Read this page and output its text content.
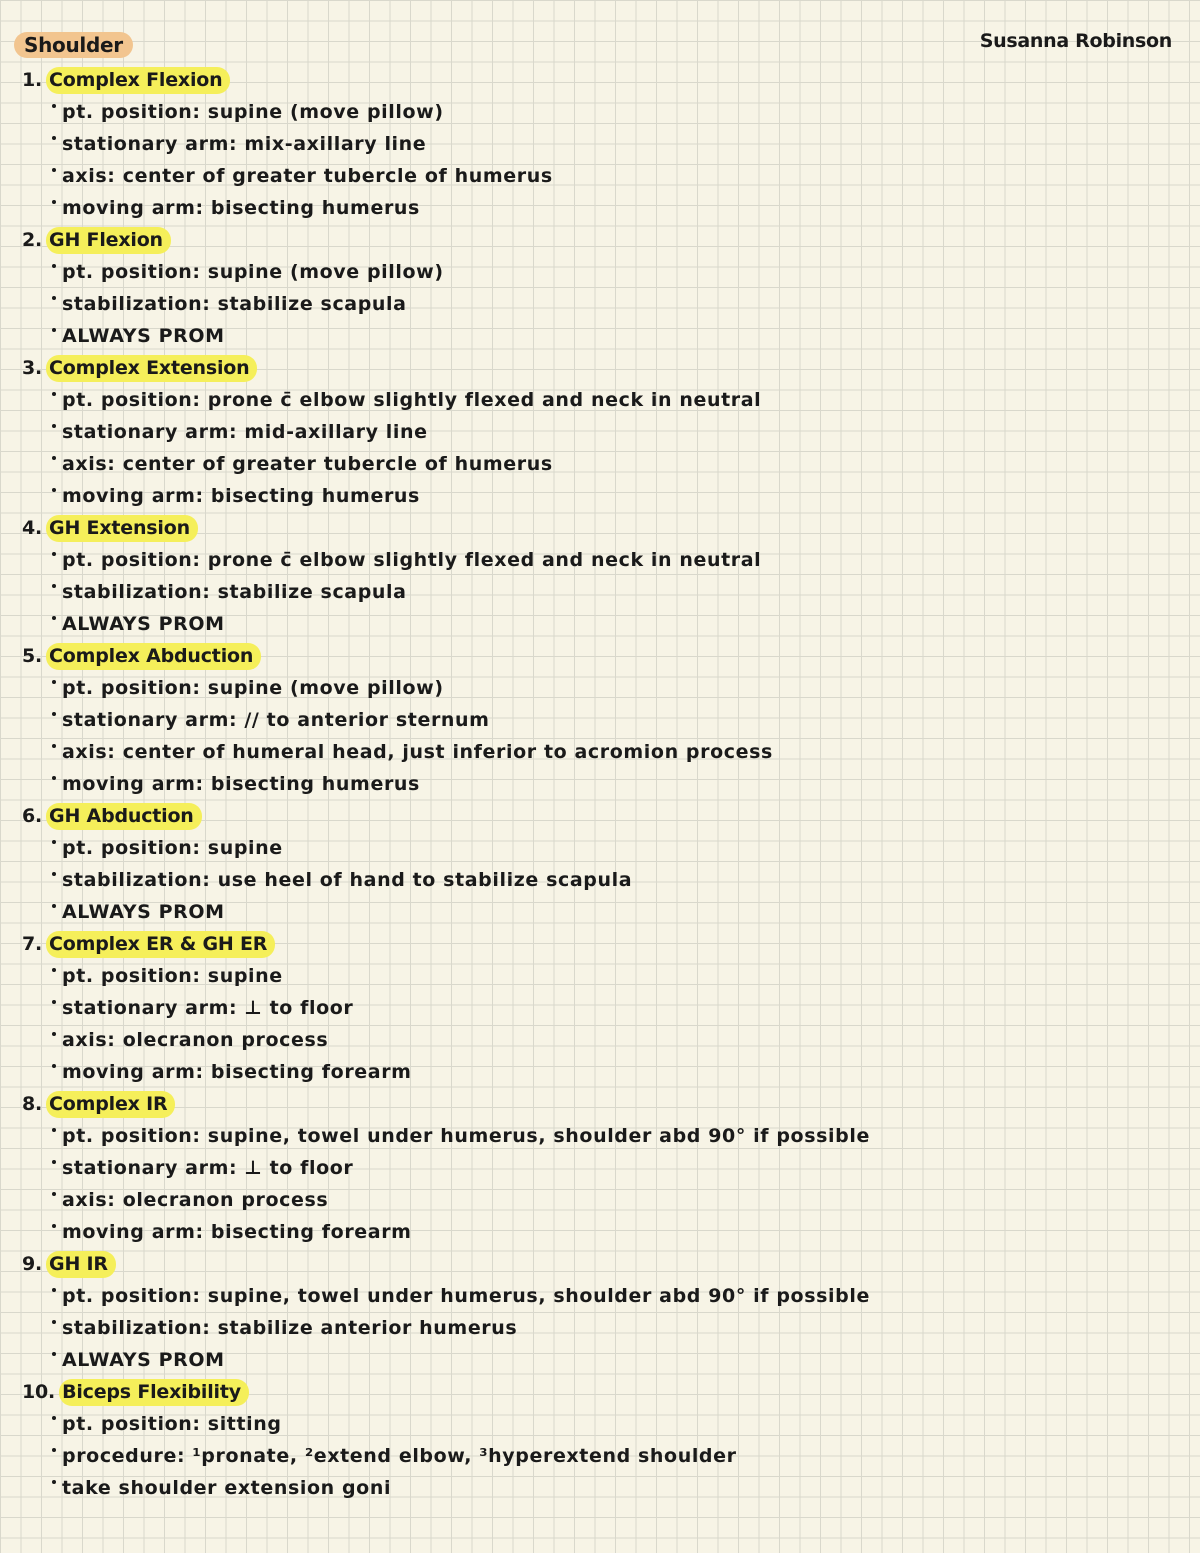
Shoulder	Susanna Robinson
1. Complex Flexion
pt. position: supine (move pillow)
stationary arm: mix-axillary line
axis: center of greater tubercle of humerus
moving arm: bisecting humerus
2. GH Flexion
pt. position: supine (move pillow)
stabilization: stabilize scapula
ALWAYS PROM
3. Complex Extension
pt. position: prone c̄ elbow slightly flexed and neck in neutral
stationary arm: mid-axillary line
axis: center of greater tubercle of humerus
moving arm: bisecting humerus
4. GH Extension
pt. position: prone c̄ elbow slightly flexed and neck in neutral
stabilization: stabilize scapula
ALWAYS PROM
5. Complex Abduction
pt. position: supine (move pillow)
stationary arm: // to anterior sternum
axis: center of humeral head, just inferior to acromion process
moving arm: bisecting humerus
6. GH Abduction
pt. position: supine
stabilization: use heel of hand to stabilize scapula
ALWAYS PROM
7. Complex ER & GH ER
pt. position: supine
stationary arm: ⊥ to floor
axis: olecranon process
moving arm: bisecting forearm
8. Complex IR
pt. position: supine, towel under humerus, shoulder abd 90° if possible
stationary arm: ⊥ to floor
axis: olecranon process
moving arm: bisecting forearm
9. GH IR
pt. position: supine, towel under humerus, shoulder abd 90° if possible
stabilization: stabilize anterior humerus
ALWAYS PROM
10. Biceps Flexibility
pt. position: sitting
procedure: ¹pronate, ²extend elbow, ³hyperextend shoulder
take shoulder extension goni
